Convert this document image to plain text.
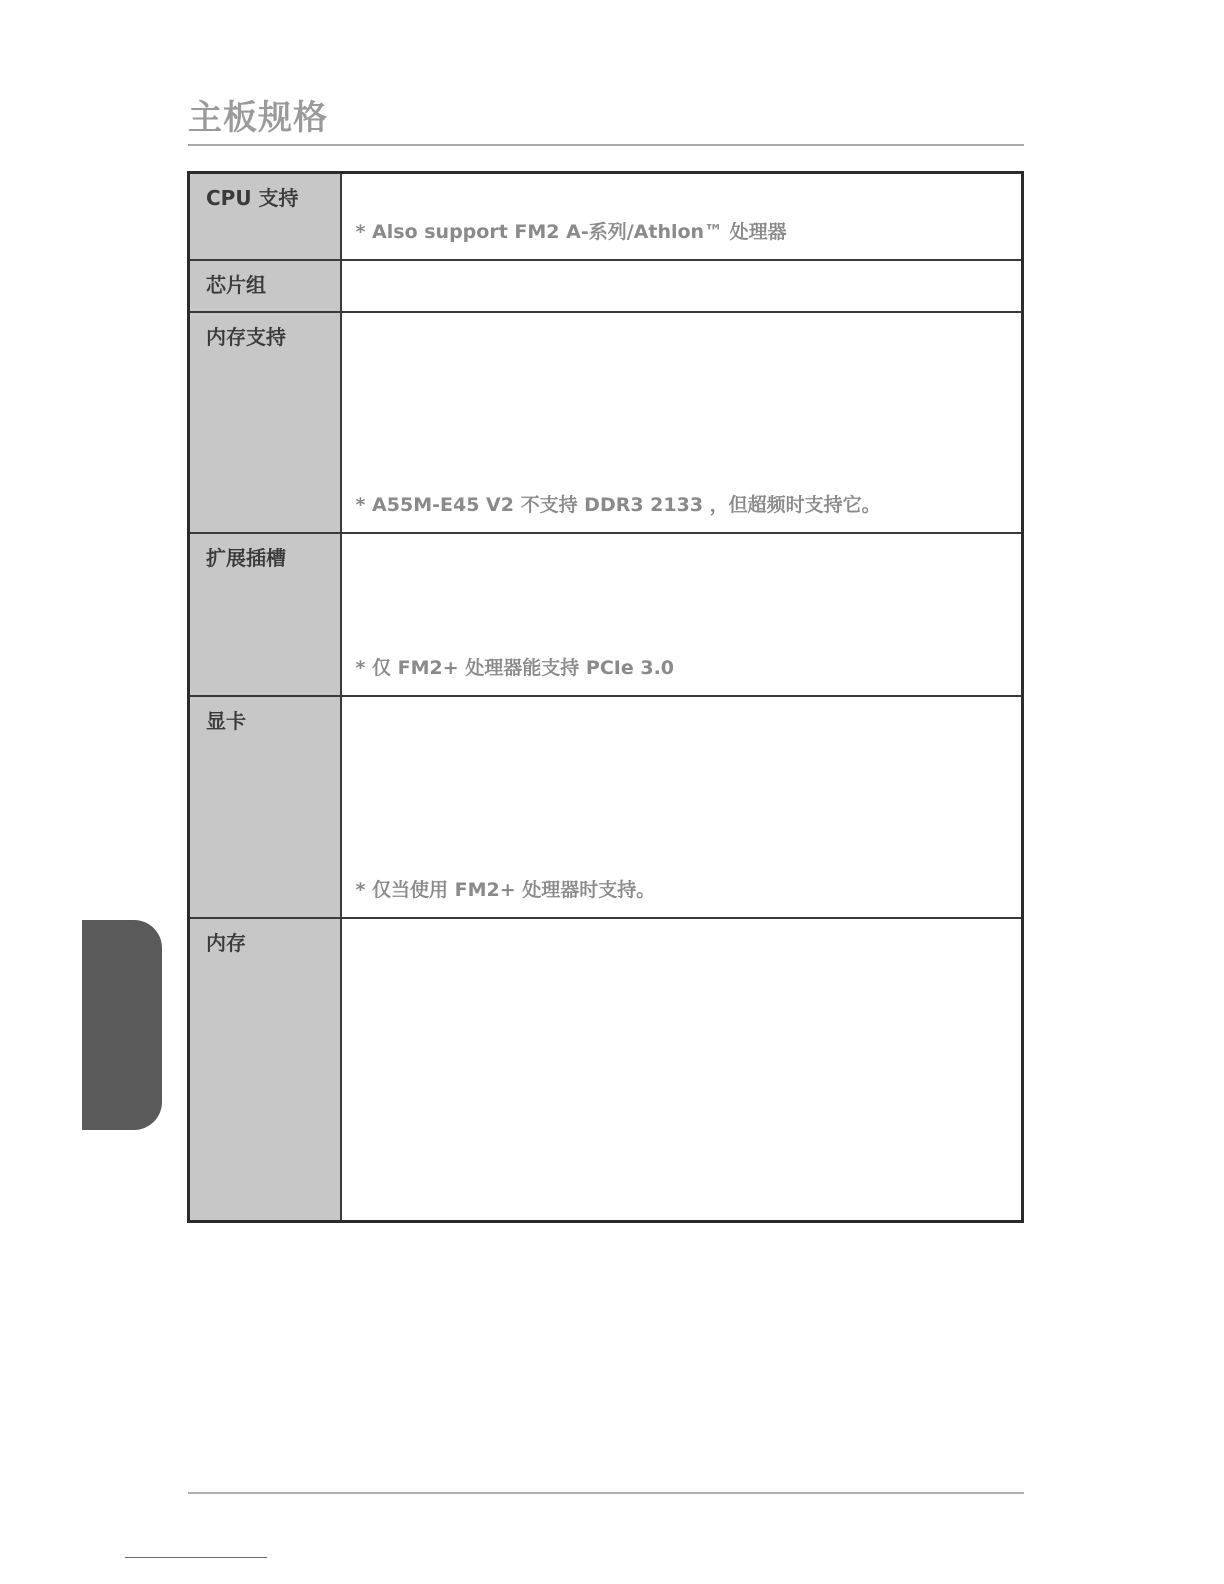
主板规格
CPU 支持	* Also support FM2 A-系列/Athlon™ 处理器

芯片组	

内存支持	* A55M-E45 V2 不支持 DDR3 2133 ，但超频时支持它。

扩展插槽	* 仅 FM2+ 处理器能支持 PCIe 3.0

显卡	* 仅当使用 FM2+ 处理器时支持。

内存	
